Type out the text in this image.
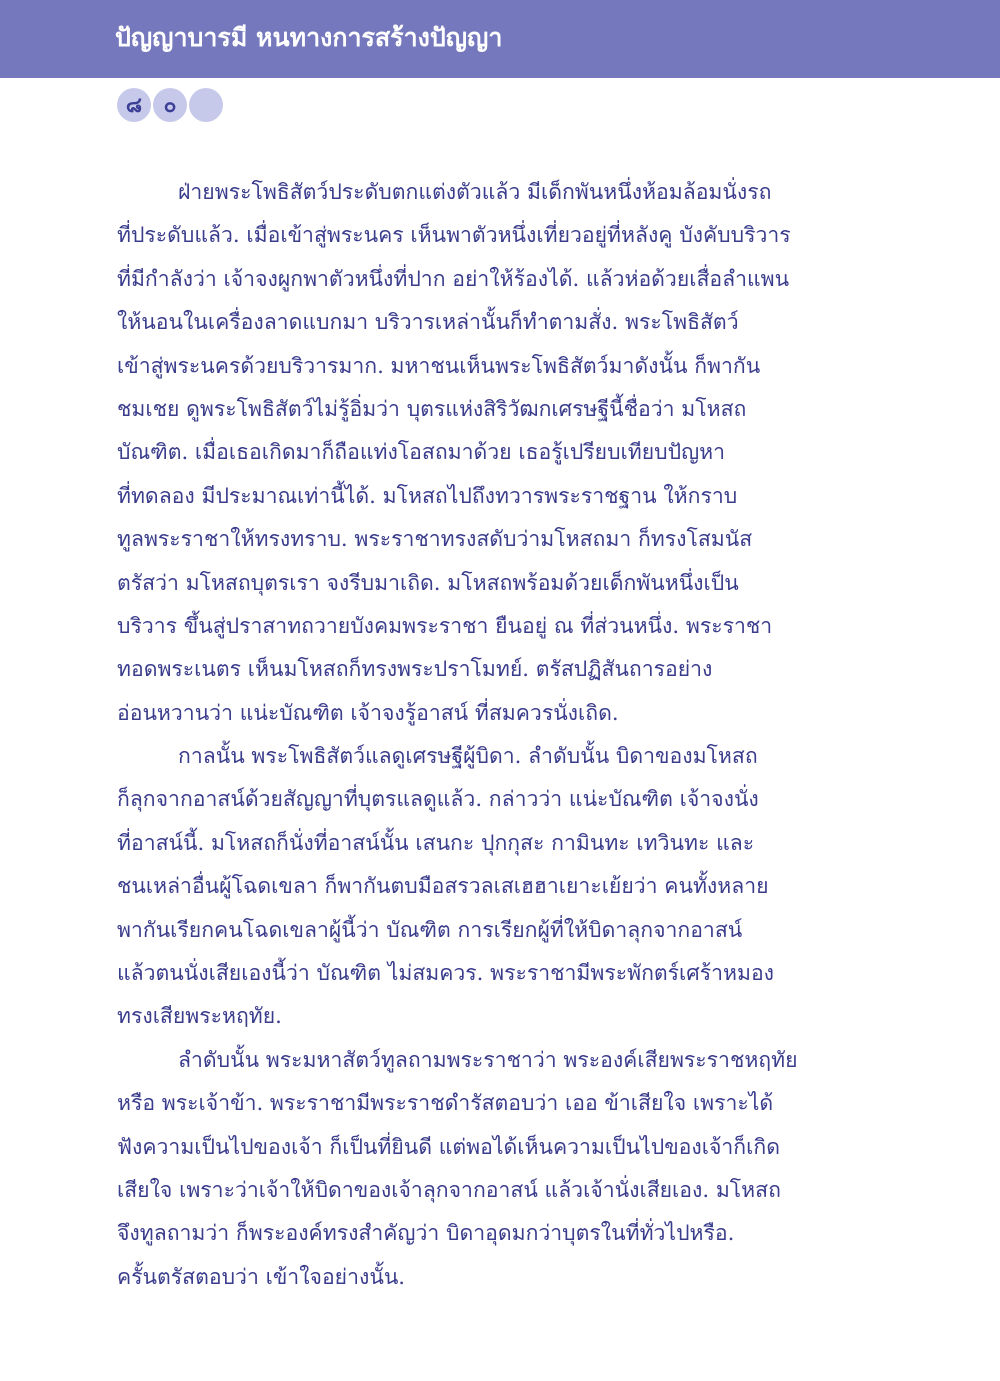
ปัญญาบารมี หนทางการสร้างปัญญา
๘	๐

ฝ่ายพระโพธิสัตว์ประดับตกแต่งตัวแล้ว มีเด็กพันหนึ่งห้อมล้อมนั่งรถ
ที่ประดับแล้ว. เมื่อเข้าสู่พระนคร เห็นพาตัวหนึ่งเที่ยวอยู่ที่หลังคู บังคับบริวาร
ที่มีกำลังว่า เจ้าจงผูกพาตัวหนึ่งที่ปาก อย่าให้ร้องได้. แล้วห่อด้วยเสื่อลำแพน
ให้นอนในเครื่องลาดแบกมา บริวารเหล่านั้นก็ทำตามสั่ง. พระโพธิสัตว์
เข้าสู่พระนครด้วยบริวารมาก. มหาชนเห็นพระโพธิสัตว์มาดังนั้น ก็พากัน
ชมเชย ดูพระโพธิสัตว์ไม่รู้อิ่มว่า บุตรแห่งสิริวัฒกเศรษฐีนี้ชื่อว่า มโหสถ
บัณฑิต. เมื่อเธอเกิดมาก็ถือแท่งโอสถมาด้วย เธอรู้เปรียบเทียบปัญหา
ที่ทดลอง มีประมาณเท่านี้ได้. มโหสถไปถึงทวารพระราชฐาน ให้กราบ
ทูลพระราชาให้ทรงทราบ. พระราชาทรงสดับว่ามโหสถมา ก็ทรงโสมนัส
ตรัสว่า มโหสถบุตรเรา จงรีบมาเถิด. มโหสถพร้อมด้วยเด็กพันหนึ่งเป็น
บริวาร ขึ้นสู่ปราสาทถวายบังคมพระราชา ยืนอยู่ ณ ที่ส่วนหนึ่ง. พระราชา
ทอดพระเนตร เห็นมโหสถก็ทรงพระปราโมทย์. ตรัสปฏิสันถารอย่าง
อ่อนหวานว่า แน่ะบัณฑิต เจ้าจงรู้อาสน์ ที่สมควรนั่งเถิด.

กาลนั้น พระโพธิสัตว์แลดูเศรษฐีผู้บิดา. ลำดับนั้น บิดาของมโหสถ
ก็ลุกจากอาสน์ด้วยสัญญาที่บุตรแลดูแล้ว. กล่าวว่า แน่ะบัณฑิต เจ้าจงนั่ง
ที่อาสน์นี้. มโหสถก็นั่งที่อาสน์นั้น เสนกะ ปุกกุสะ กามินทะ เทวินทะ และ
ชนเหล่าอื่นผู้โฉดเขลา ก็พากันตบมือสรวลเสเฮฮาเยาะเย้ยว่า คนทั้งหลาย
พากันเรียกคนโฉดเขลาผู้นี้ว่า บัณฑิต การเรียกผู้ที่ให้บิดาลุกจากอาสน์
แล้วตนนั่งเสียเองนี้ว่า บัณฑิต ไม่สมควร. พระราชามีพระพักตร์เศร้าหมอง
ทรงเสียพระหฤทัย.

ลำดับนั้น พระมหาสัตว์ทูลถามพระราชาว่า พระองค์เสียพระราชหฤทัย
หรือ พระเจ้าข้า. พระราชามีพระราชดำรัสตอบว่า เออ ข้าเสียใจ เพราะได้
ฟังความเป็นไปของเจ้า ก็เป็นที่ยินดี แต่พอได้เห็นความเป็นไปของเจ้าก็เกิด
เสียใจ เพราะว่าเจ้าให้บิดาของเจ้าลุกจากอาสน์ แล้วเจ้านั่งเสียเอง. มโหสถ
จึงทูลถามว่า ก็พระองค์ทรงสำคัญว่า บิดาอุดมกว่าบุตรในที่ทั่วไปหรือ.
ครั้นตรัสตอบว่า เข้าใจอย่างนั้น.
